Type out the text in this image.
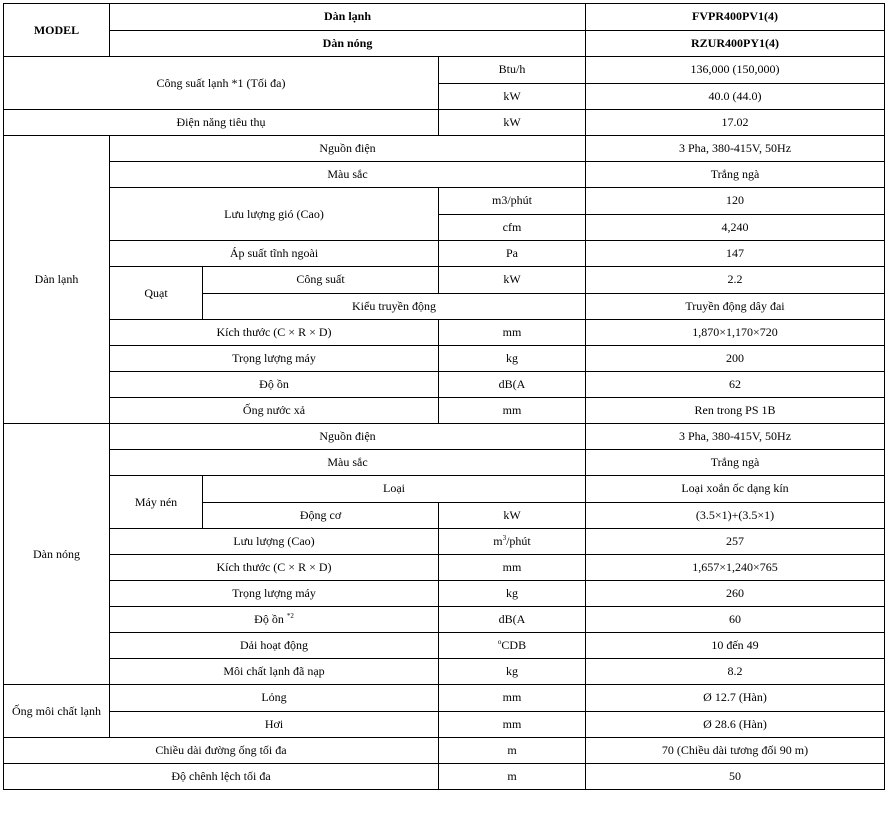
MODEL	Dàn lạnh			FVPR400PV1(4)
	Dàn nóng			RZUR400PY1(4)
Công suất lạnh *1 (Tối đa)			Btu/h	136,000 (150,000)
			kW	40.0 (44.0)
Điện năng tiêu thụ			kW	17.02
Dàn lạnh	Nguồn điện			3 Pha, 380-415V, 50Hz
	Màu sắc			Trắng ngà
	Lưu lượng gió (Cao)		m3/phút	120
			cfm	4,240
	Áp suất tĩnh ngoài		Pa	147
	Quạt	Công suất	kW	2.2
		Kiểu truyền động		Truyền động dây đai
	Kích thước (C × R × D)		mm	1,870×1,170×720
	Trọng lượng máy		kg	200
	Độ ồn		dB(A	62
	Ống nước xả		mm	Ren trong PS 1B
Dàn nóng	Nguồn điện			3 Pha, 380-415V, 50Hz
	Màu sắc			Trắng ngà
	Máy nén	Loại		Loại xoắn ốc dạng kín
		Động cơ	kW	(3.5×1)+(3.5×1)
	Lưu lượng (Cao)		$m^3$/phút	257
	Kích thước (C × R × D)		mm	1,657×1,240×765
	Trọng lượng máy		kg	260
	Độ ồn $^{*2}$		dB(A	60
	Dải hoạt động		$^o$CDB	10 đến 49
	Môi chất lạnh đã nạp		kg	8.2
Ống môi chất lạnh	Lỏng		mm	Ø 12.7 (Hàn)
	Hơi		mm	Ø 28.6 (Hàn)
Chiều dài đường ống tối đa			m	70 (Chiều dài tương đối 90 m)
Độ chênh lệch tối đa			m	50
